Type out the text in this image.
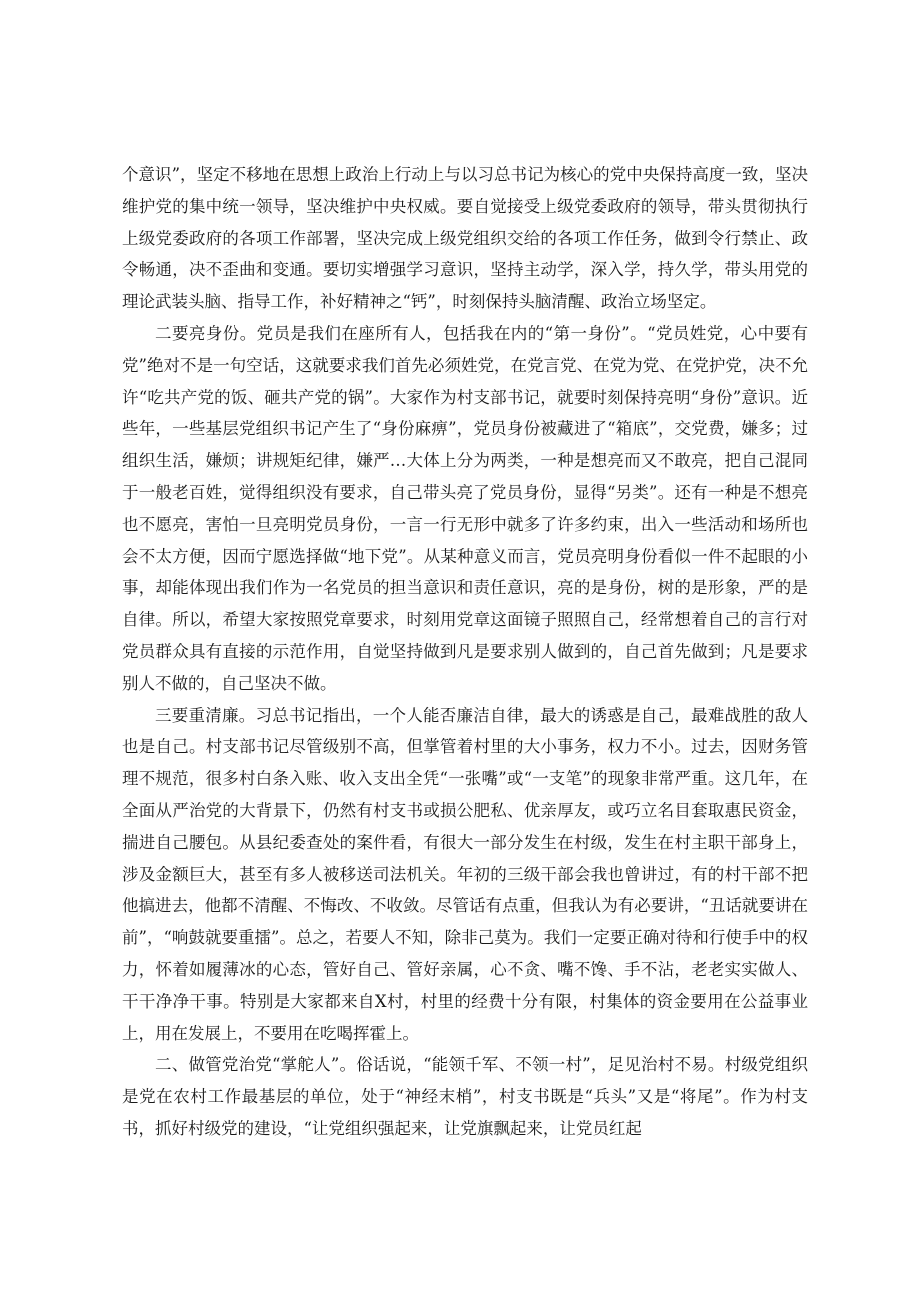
个意识”，坚定不移地在思想上政治上行动上与以习总书记为核心的党中央保持高度一致，坚决维护党的集中统一领导，坚决维护中央权威。要自觉接受上级党委政府的领导，带头贯彻执行上级党委政府的各项工作部署，坚决完成上级党组织交给的各项工作任务，做到令行禁止、政令畅通，决不歪曲和变通。要切实增强学习意识，坚持主动学，深入学，持久学，带头用党的理论武装头脑、指导工作，补好精神之“钙”，时刻保持头脑清醒、政治立场坚定。

二要亮身份。党员是我们在座所有人，包括我在内的“第一身份”。“党员姓党，心中要有党”绝对不是一句空话，这就要求我们首先必须姓党，在党言党、在党为党、在党护党，决不允许“吃共产党的饭、砸共产党的锅”。大家作为村支部书记，就要时刻保持亮明“身份”意识。近些年，一些基层党组织书记产生了“身份麻痹”，党员身份被藏进了“箱底”，交党费，嫌多；过组织生活，嫌烦；讲规矩纪律，嫌严…大体上分为两类，一种是想亮而又不敢亮，把自己混同于一般老百姓，觉得组织没有要求，自己带头亮了党员身份，显得“另类”。还有一种是不想亮也不愿亮，害怕一旦亮明党员身份，一言一行无形中就多了许多约束，出入一些活动和场所也会不太方便，因而宁愿选择做“地下党”。从某种意义而言，党员亮明身份看似一件不起眼的小事，却能体现出我们作为一名党员的担当意识和责任意识，亮的是身份，树的是形象，严的是自律。所以，希望大家按照党章要求，时刻用党章这面镜子照照自己，经常想着自己的言行对党员群众具有直接的示范作用，自觉坚持做到凡是要求别人做到的，自己首先做到；凡是要求别人不做的，自己坚决不做。

三要重清廉。习总书记指出，一个人能否廉洁自律，最大的诱惑是自己，最难战胜的敌人也是自己。村支部书记尽管级别不高，但掌管着村里的大小事务，权力不小。过去，因财务管理不规范，很多村白条入账、收入支出全凭“一张嘴”或“一支笔”的现象非常严重。这几年，在全面从严治党的大背景下，仍然有村支书或损公肥私、优亲厚友，或巧立名目套取惠民资金，揣进自己腰包。从县纪委查处的案件看，有很大一部分发生在村级，发生在村主职干部身上，涉及金额巨大，甚至有多人被移送司法机关。年初的三级干部会我也曾讲过，有的村干部不把他搞进去，他都不清醒、不悔改、不收敛。尽管话有点重，但我认为有必要讲，“丑话就要讲在前”，“响鼓就要重擂”。总之，若要人不知，除非己莫为。我们一定要正确对待和行使手中的权力，怀着如履薄冰的心态，管好自己、管好亲属，心不贪、嘴不馋、手不沾，老老实实做人、干干净净干事。特别是大家都来自X村，村里的经费十分有限，村集体的资金要用在公益事业上，用在发展上，不要用在吃喝挥霍上。

二、做管党治党“掌舵人”。俗话说，“能领千军、不领一村”，足见治村不易。村级党组织是党在农村工作最基层的单位，处于“神经末梢”，村支书既是“兵头”又是“将尾”。作为村支书，抓好村级党的建设，“让党组织强起来，让党旗飘起来，让党员红起
